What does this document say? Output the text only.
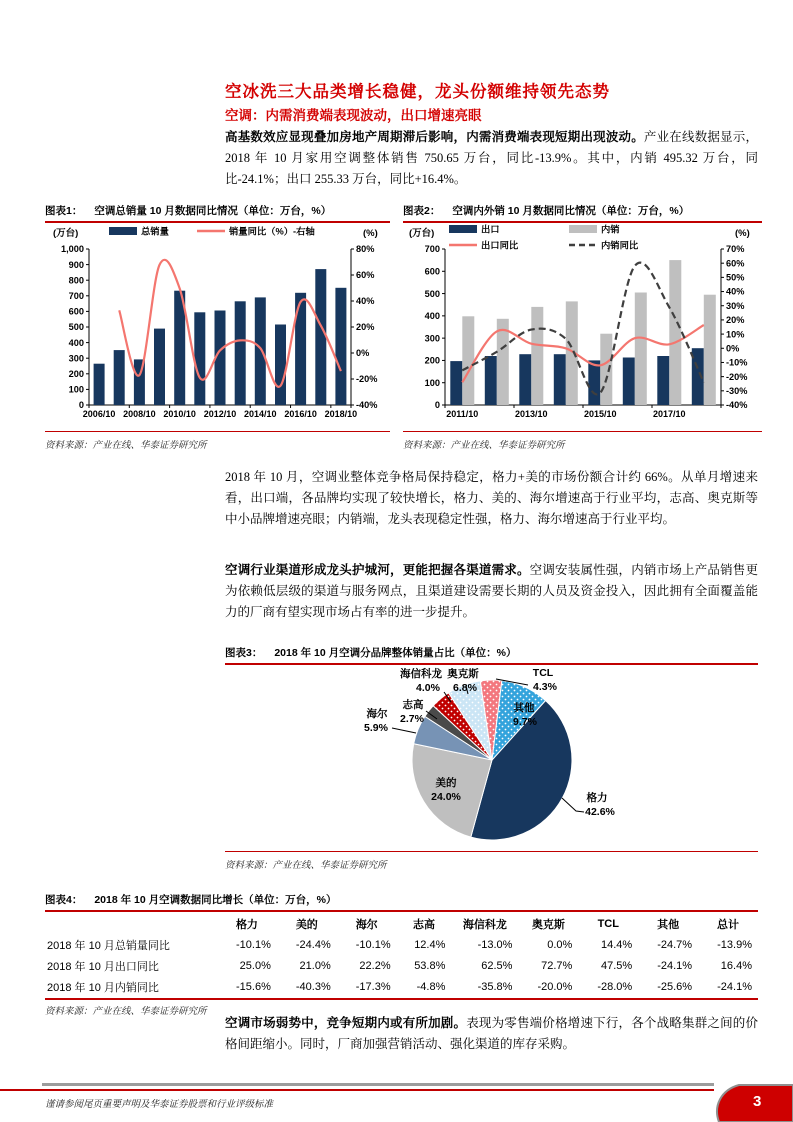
空冰洗三大品类增长稳健，龙头份额维持领先态势
空调：内需消费端表现波动，出口增速亮眼

高基数效应显现叠加房地产周期滞后影响，内需消费端表现短期出现波动。产业在线数据显示，2018 年 10 月家用空调整体销售 750.65 万台，同比-13.9%。其中，内销 495.32 万台，同比-24.1%；出口 255.33 万台，同比+16.4%。

图表1： 空调总销量 10 月数据同比情况（单位：万台，%）
(万台)	(%)
总销量	销量同比（%）-右轴
0
100
200
300
400
500
600
700
800
900
1,000
-40%
-20%
0%
20%
40%
60%
80%
2006/10 2008/10 2010/10 2012/10 2014/10 2016/10 2018/10
资料来源：产业在线、华泰证券研究所
图表2： 空调内外销 10 月数据同比情况（单位：万台，%）
(万台)	(%)
出口	内销
出口同比	内销同比
0
100
200
300
400
500
600
700
-40%
-30%
-20%
-10%
0%
10%
20%
30%
40%
50%
60%
70%
2011/10	2013/10	2015/10	2017/10
资料来源：产业在线、华泰证券研究所

2018 年 10 月，空调业整体竞争格局保持稳定，格力+美的市场份额合计约 66%。从单月增速来看，出口端，各品牌均实现了较快增长，格力、美的、海尔增速高于行业平均，志高、奥克斯等中小品牌增速亮眼；内销端，龙头表现稳定性强，格力、海尔增速高于行业平均。

空调行业渠道形成龙头护城河，更能把握各渠道需求。空调安装属性强，内销市场上产品销售更为依赖低层级的渠道与服务网点，且渠道建设需要长期的人员及资金投入，因此拥有全面覆盖能力的厂商有望实现市场占有率的进一步提升。

图表3： 2018 年 10 月空调分品牌整体销量占比（单位：%）
格力
42.6%
美的
24.0%
海尔
5.9%
志高
2.7%
海信科龙
4.0%
奥克斯
6.8%
TCL
4.3%
其他
9.7%
资料来源：产业在线、华泰证券研究所
图表4： 2018 年 10 月空调数据同比增长（单位：万台，%）
	格力	美的	海尔	志高	海信科龙	奥克斯	TCL	其他	总计
2018 年 10 月总销量同比	-10.1%	-24.4%	-10.1%	12.4%	-13.0%	0.0%	14.4%	-24.7%	-13.9%
2018 年 10 月出口同比	25.0%	21.0%	22.2%	53.8%	62.5%	72.7%	47.5%	-24.1%	16.4%
2018 年 10 月内销同比	-15.6%	-40.3%	-17.3%	-4.8%	-35.8%	-20.0%	-28.0%	-25.6%	-24.1%
资料来源：产业在线、华泰证券研究所

空调市场弱势中，竞争短期内或有所加剧。表现为零售端价格增速下行，各个战略集群之间的价格间距缩小。同时，厂商加强营销活动、强化渠道的库存采购。

谨请参阅尾页重要声明及华泰证券股票和行业评级标准	3
